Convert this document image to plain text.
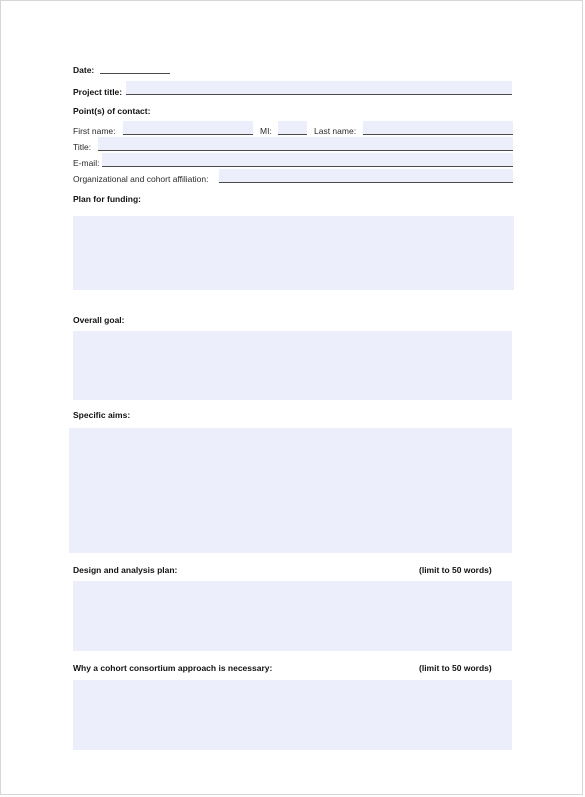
Date:
Project title:
Point(s) of contact:
First name:	MI:	Last name:
Title:
E-mail:
Organizational and cohort affiliation:
Plan for funding:
Overall goal:
Specific aims:
Design and analysis plan:	(limit to 50 words)
Why a cohort consortium approach is necessary:	(limit to 50 words)
